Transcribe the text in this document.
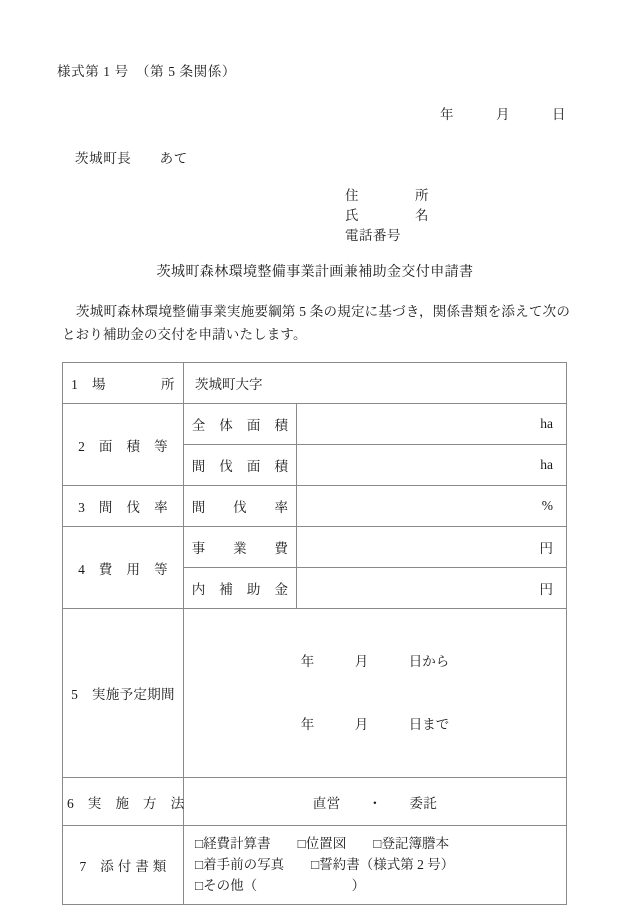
様式第 1 号　（第 5 条関係）
年　　　月　　　日
茨城町長　　あて
住　　　　所
氏　　　　名
電話番号
茨城町森林環境整備事業計画兼補助金交付申請書
茨城町森林環境整備事業実施要綱第 5 条の規定に基づき，関係書類を添えて次のとおり補助金の交付を申請いたします。
1　場　　　　所	茨城町大字	

2　面　積　等	全　体　面　積	ha

	間　伐　面　積	ha

3　間　伐　率	間　　伐　　率	%

4　費　用　等	事　　業　　費	円

	内　補　助　金	円

5　実施予定期間	年　　　月　　　日から

年　　　月　　　日まで	

6　実　施　方　法	直営　　・　　委託	

7　添 付 書 類	□経費計算書　　□位置図　　□登記簿謄本 □着手前の写真　　□誓約書（様式第 2 号） □その他（　　　　　　　）	
